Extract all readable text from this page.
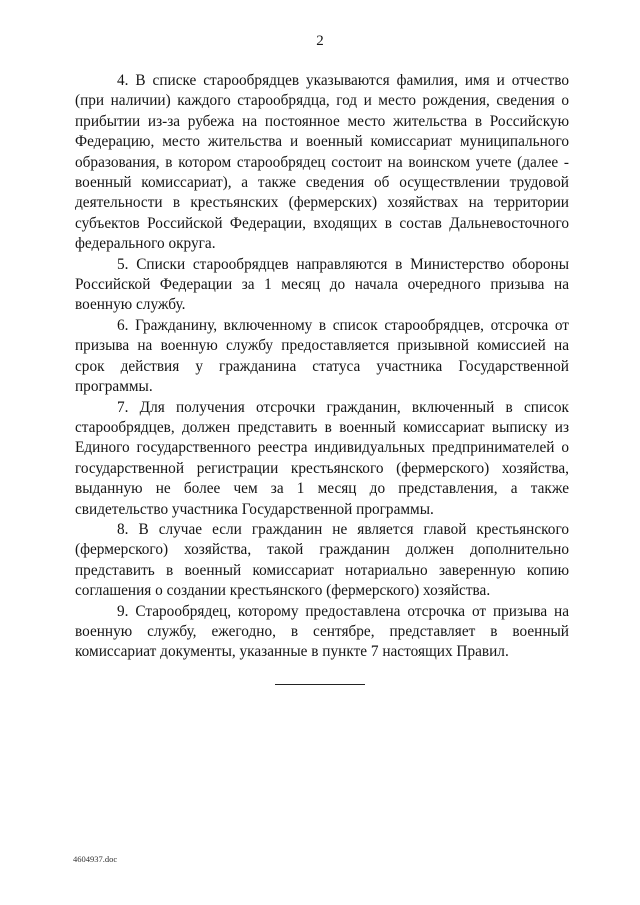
2

4. В списке старообрядцев указываются фамилия, имя и отчество (при наличии) каждого старообрядца, год и место рождения, сведения о прибытии из-за рубежа на постоянное место жительства в Российскую Федерацию, место жительства и военный комиссариат муниципального образования, в котором старообрядец состоит на воинском учете (далее - военный комиссариат), а также сведения об осуществлении трудовой деятельности в крестьянских (фермерских) хозяйствах на территории субъектов Российской Федерации, входящих в состав Дальневосточного федерального округа.

5. Списки старообрядцев направляются в Министерство обороны Российской Федерации за 1 месяц до начала очередного призыва на военную службу.

6. Гражданину, включенному в список старообрядцев, отсрочка от призыва на военную службу предоставляется призывной комиссией на срок действия у гражданина статуса участника Государственной программы.

7. Для получения отсрочки гражданин, включенный в список старообрядцев, должен представить в военный комиссариат выписку из Единого государственного реестра индивидуальных предпринимателей о государственной регистрации крестьянского (фермерского) хозяйства, выданную не более чем за 1 месяц до представления, а также свидетельство участника Государственной программы.

8. В случае если гражданин не является главой крестьянского (фермерского) хозяйства, такой гражданин должен дополнительно представить в военный комиссариат нотариально заверенную копию соглашения о создании крестьянского (фермерского) хозяйства.

9. Старообрядец, которому предоставлена отсрочка от призыва на военную службу, ежегодно, в сентябре, представляет в военный комиссариат документы, указанные в пункте 7 настоящих Правил.

4604937.doc
